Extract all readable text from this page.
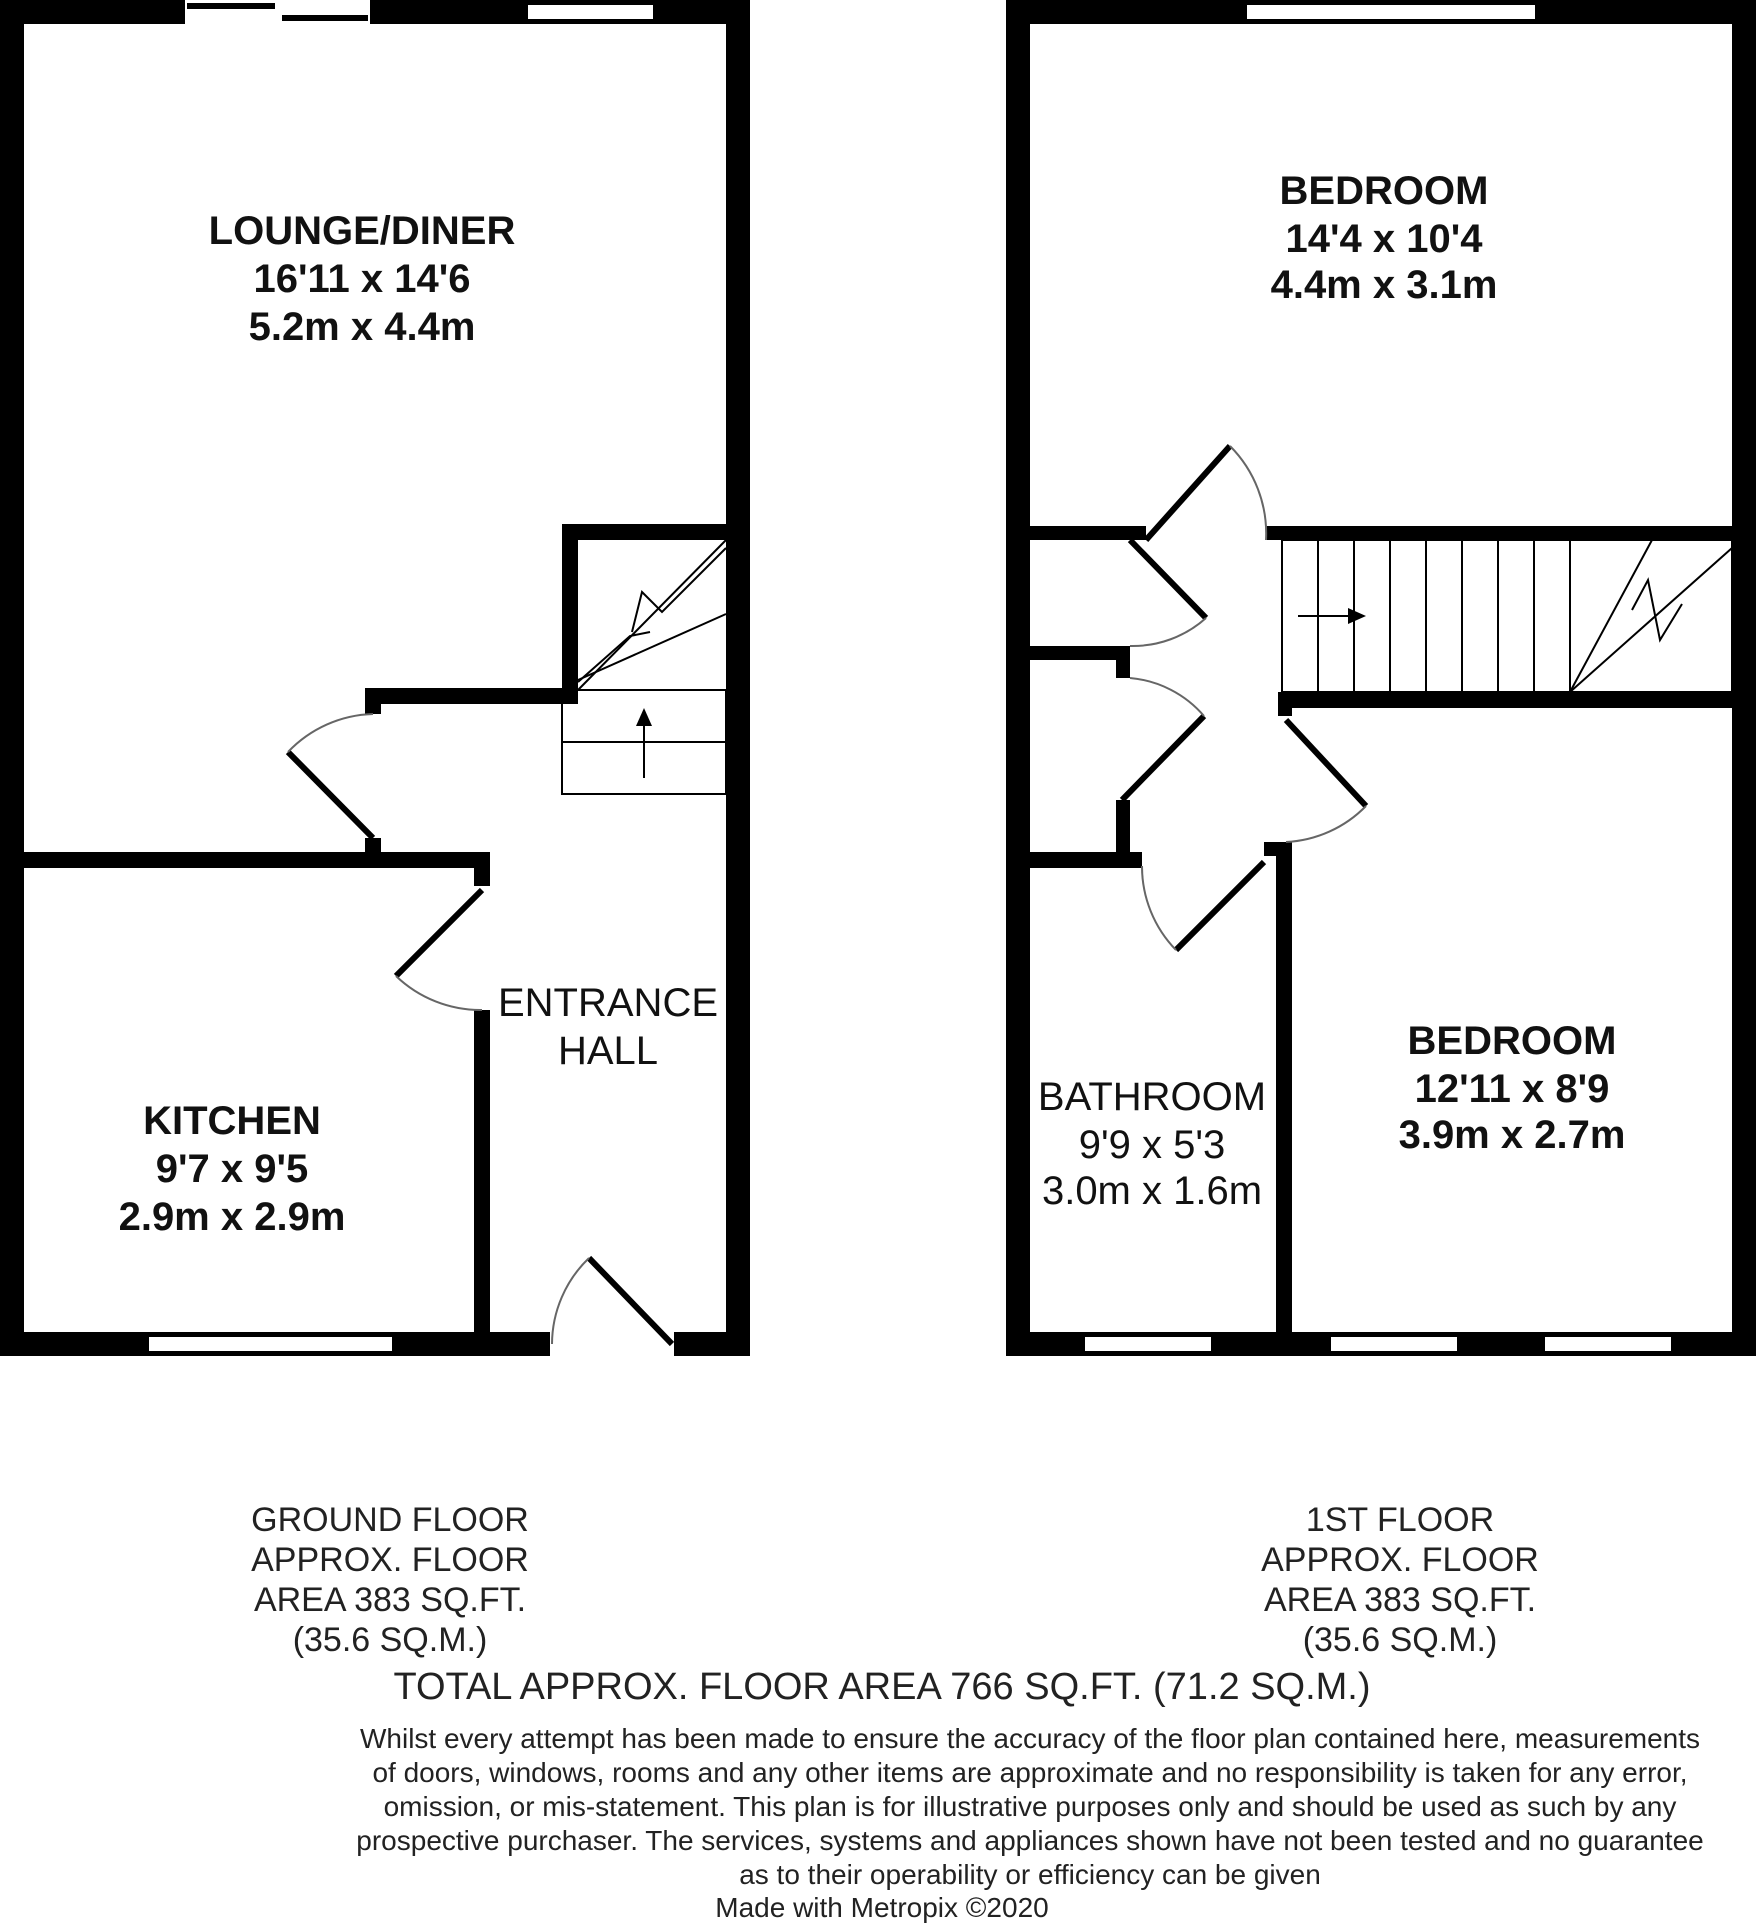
LOUNGE/DINER
16'11 x 14'6
5.2m x 4.4m
KITCHEN
9'7 x 9'5
2.9m x 2.9m
ENTRANCE
HALL
BEDROOM
14'4 x 10'4
4.4m x 3.1m
BATHROOM
9'9 x 5'3
3.0m x 1.6m
BEDROOM
12'11 x 8'9
3.9m x 2.7m
GROUND FLOOR
APPROX. FLOOR
AREA 383 SQ.FT.
(35.6 SQ.M.)
1ST FLOOR
APPROX. FLOOR
AREA 383 SQ.FT.
(35.6 SQ.M.)
TOTAL APPROX. FLOOR AREA 766 SQ.FT. (71.2 SQ.M.)
Whilst every attempt has been made to ensure the accuracy of the floor plan contained here, measurements
of doors, windows, rooms and any other items are approximate and no responsibility is taken for any error,
omission, or mis-statement. This plan is for illustrative purposes only and should be used as such by any
prospective purchaser. The services, systems and appliances shown have not been tested and no guarantee
as to their operability or efficiency can be given
Made with Metropix ©2020
